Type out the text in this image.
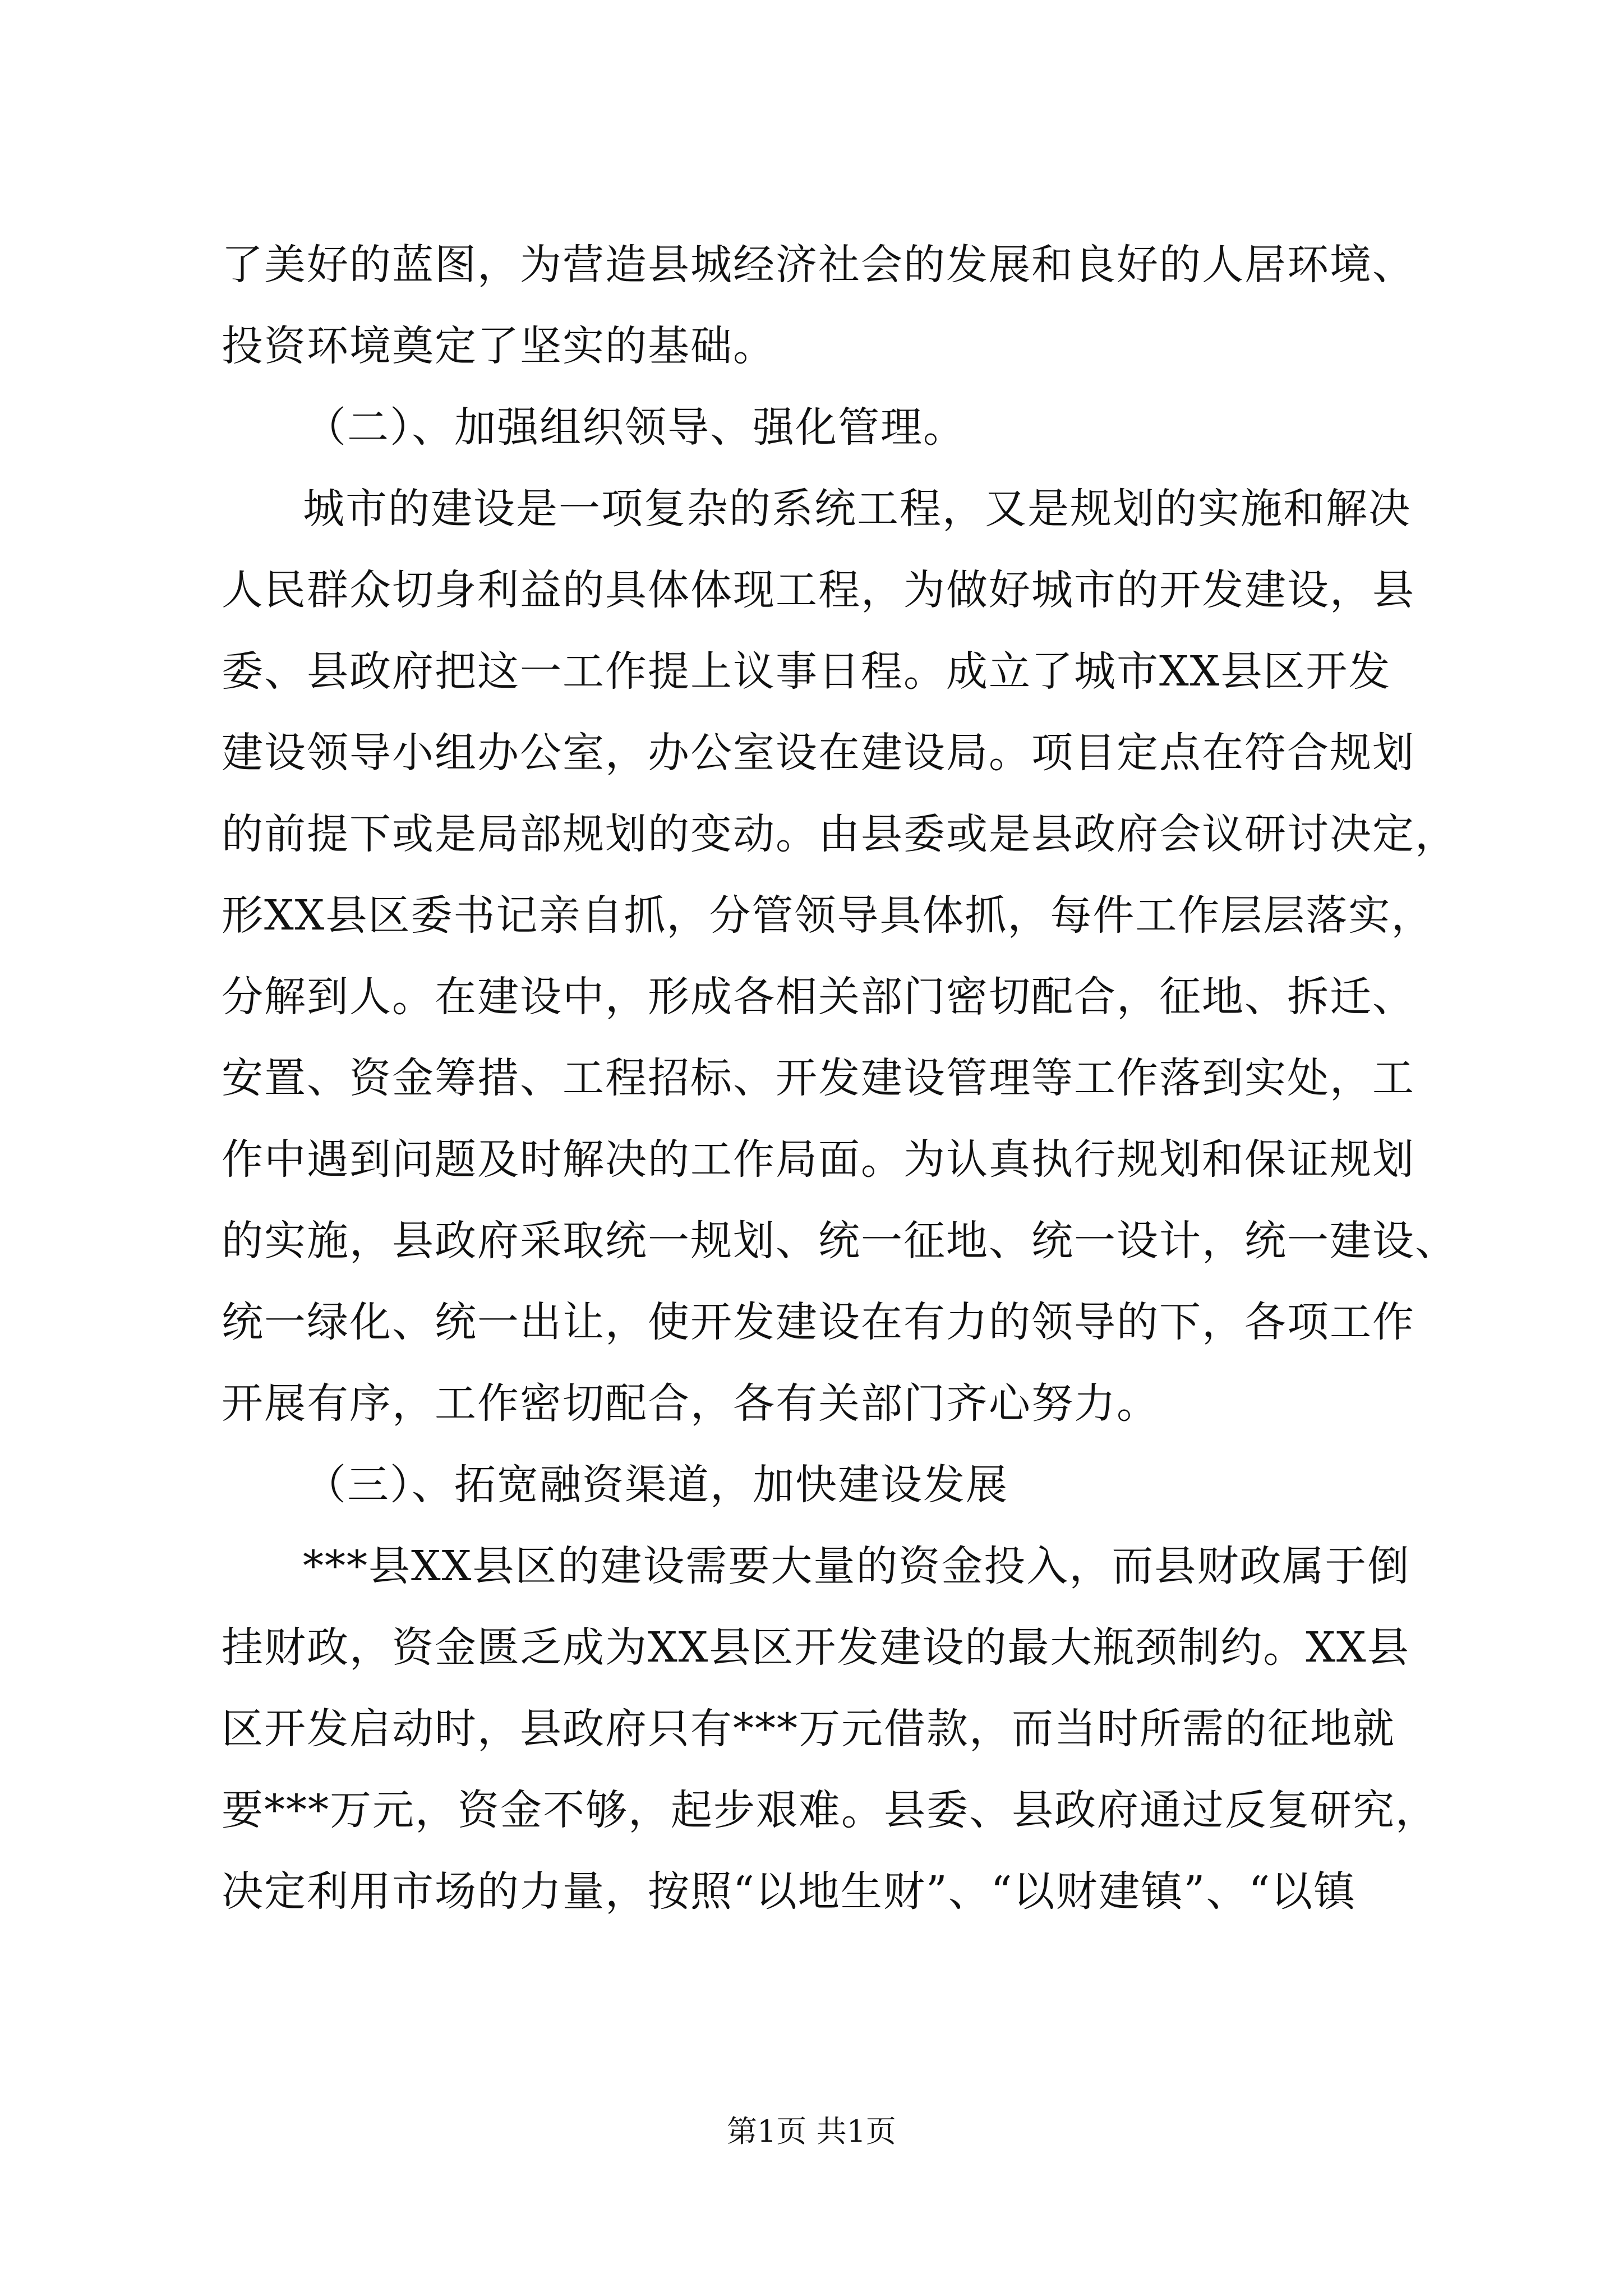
了美好的蓝图，为营造县城经济社会的发展和良好的人居环境、
投资环境奠定了坚实的基础。
（二）、加强组织领导、强化管理。
城市的建设是一项复杂的系统工程，又是规划的实施和解决
人民群众切身利益的具体体现工程，为做好城市的开发建设，县
委、县政府把这一工作提上议事日程。成立了城市XX县区开发
建设领导小组办公室，办公室设在建设局。项目定点在符合规划
的前提下或是局部规划的变动。由县委或是县政府会议研讨决定，
形XX县区委书记亲自抓，分管领导具体抓，每件工作层层落实，
分解到人。在建设中，形成各相关部门密切配合，征地、拆迁、
安置、资金筹措、工程招标、开发建设管理等工作落到实处，工
作中遇到问题及时解决的工作局面。为认真执行规划和保证规划
的实施，县政府采取统一规划、统一征地、统一设计，统一建设、
统一绿化、统一出让，使开发建设在有力的领导的下，各项工作
开展有序，工作密切配合，各有关部门齐心努力。
（三）、拓宽融资渠道，加快建设发展
***县XX县区的建设需要大量的资金投入，而县财政属于倒
挂财政，资金匮乏成为XX县区开发建设的最大瓶颈制约。XX县
区开发启动时，县政府只有***万元借款，而当时所需的征地就
要***万元，资金不够，起步艰难。县委、县政府通过反复研究，
决定利用市场的力量，按照“以地生财”、“以财建镇”、“以镇
第1页 共1页
